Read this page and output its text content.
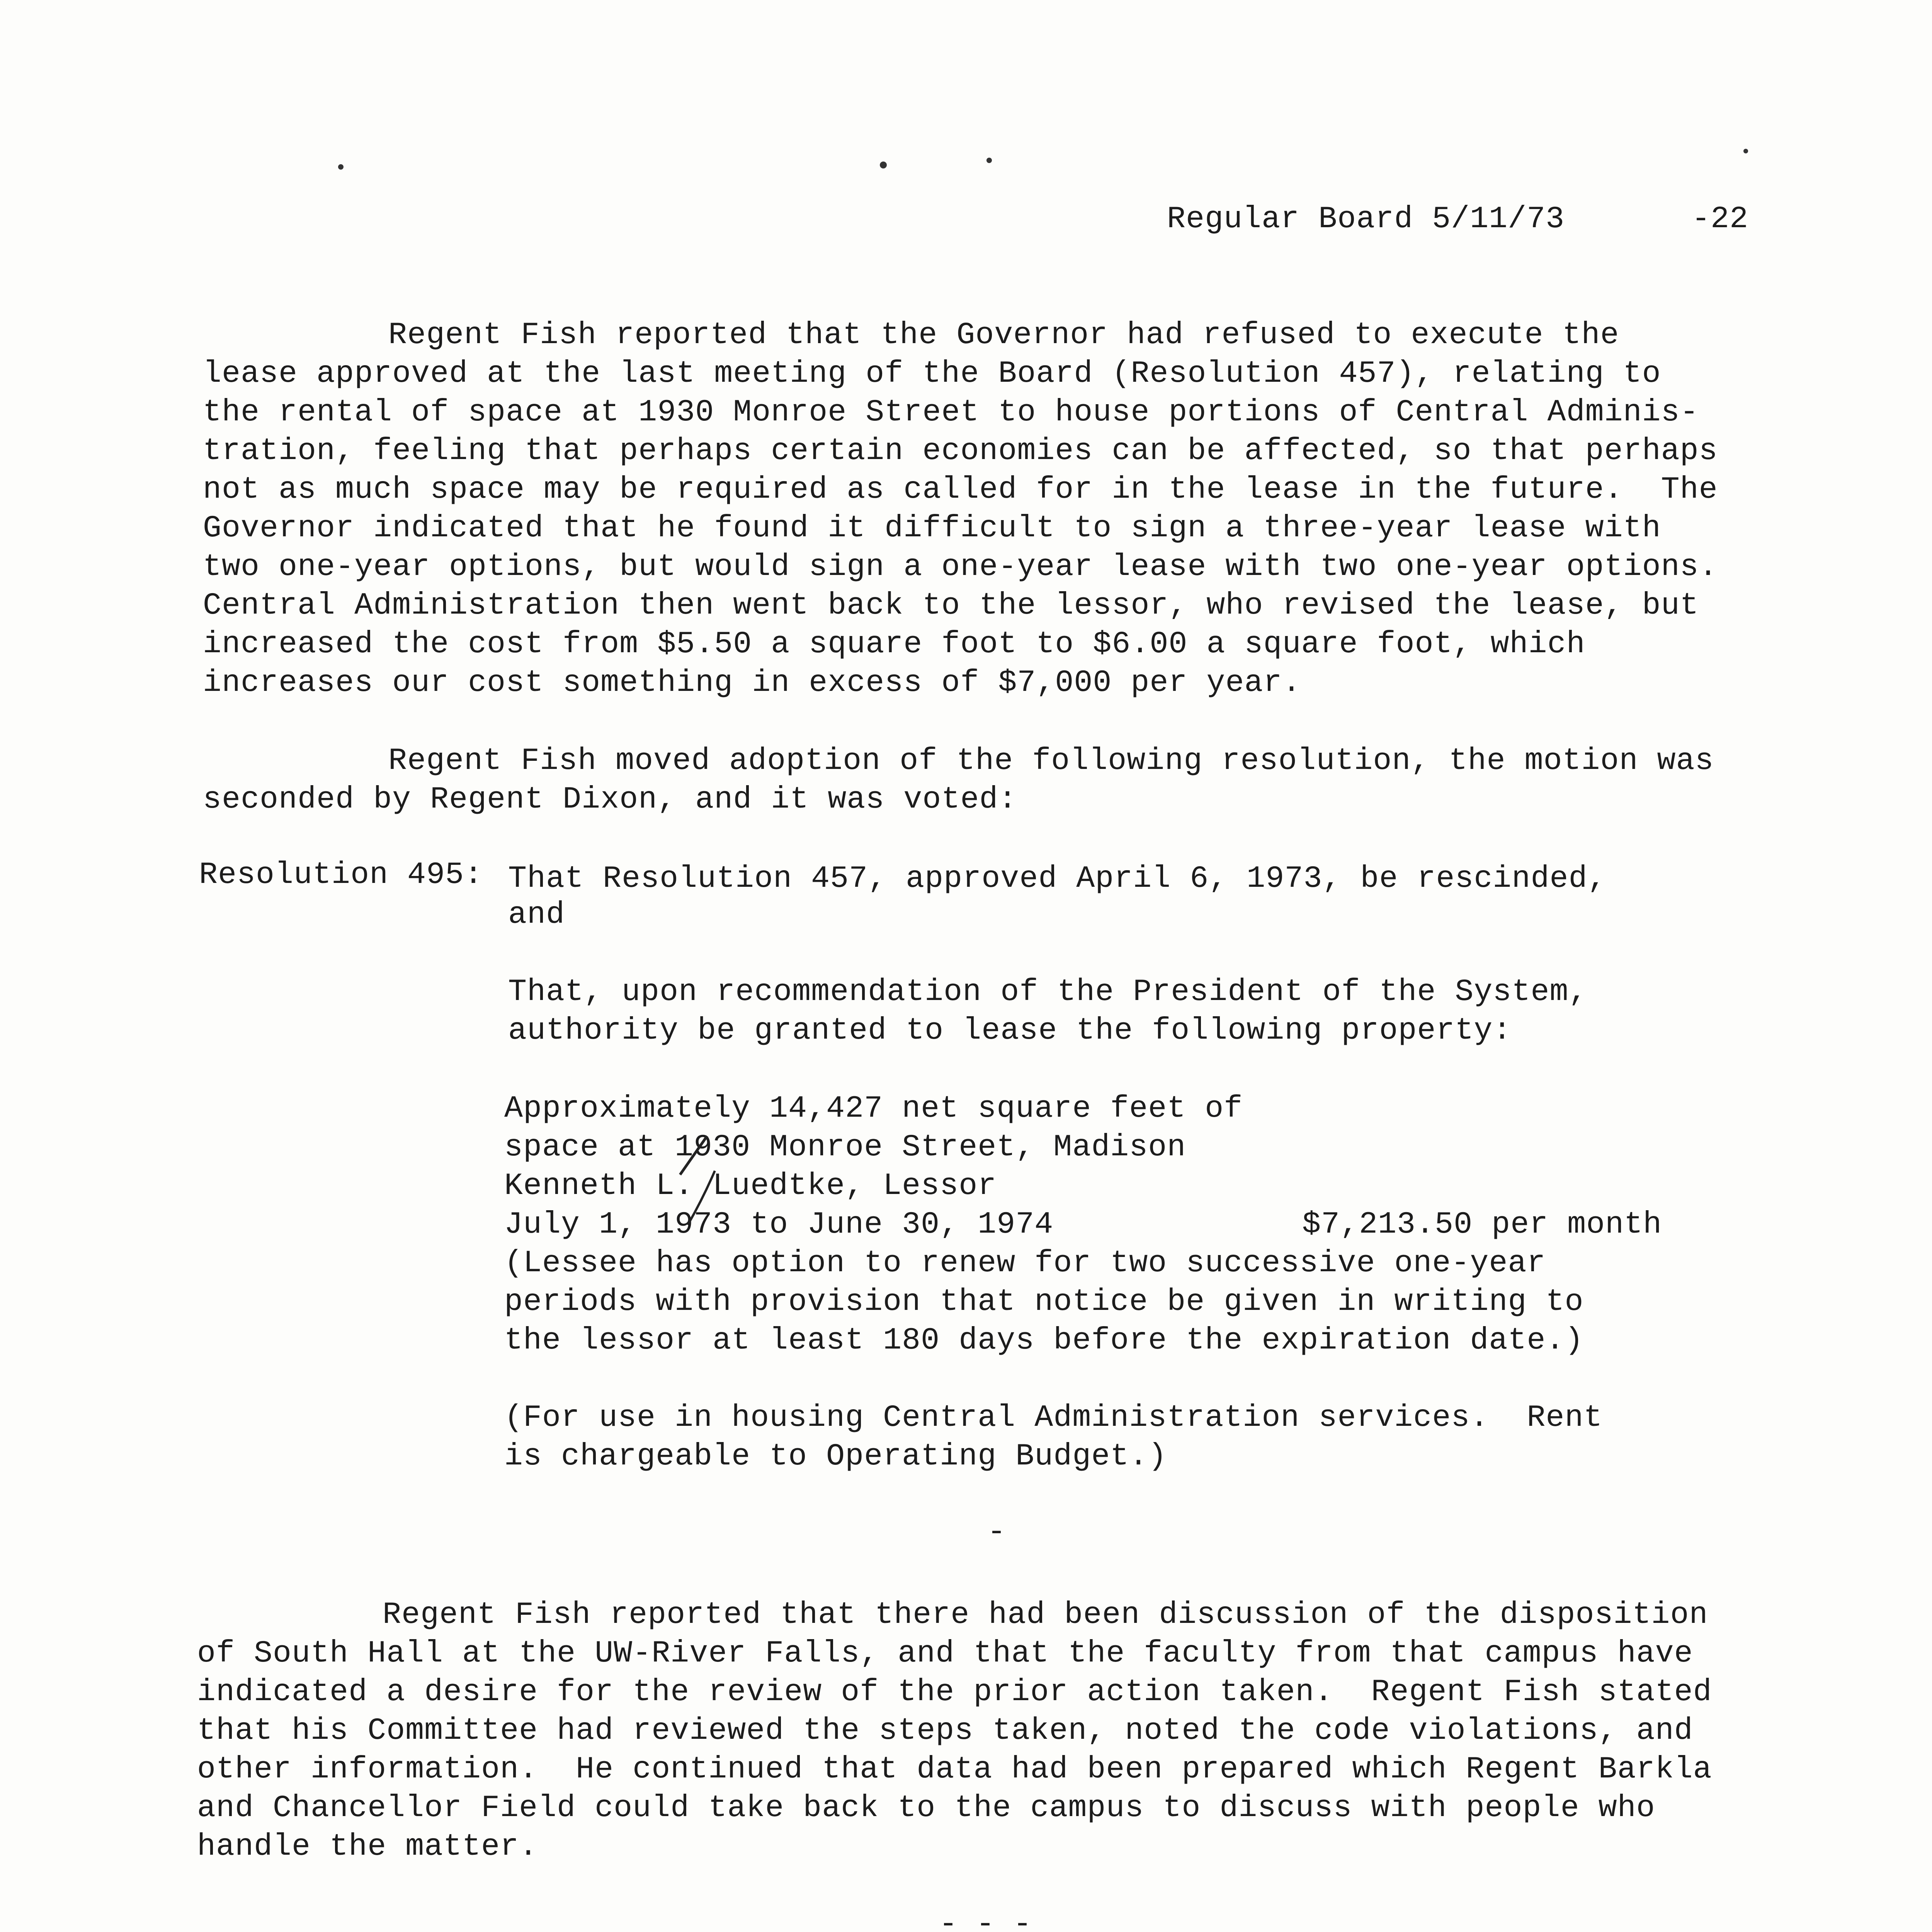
Regular Board 5/11/73	-22
Regent Fish reported that the Governor had refused to execute the
lease approved at the last meeting of the Board (Resolution 457), relating to
the rental of space at 1930 Monroe Street to house portions of Central Adminis-
tration, feeling that perhaps certain economies can be affected, so that perhaps
not as much space may be required as called for in the lease in the future.  The
Governor indicated that he found it difficult to sign a three-year lease with
two one-year options, but would sign a one-year lease with two one-year options.
Central Administration then went back to the lessor, who revised the lease, but
increased the cost from $5.50 a square foot to $6.00 a square foot, which
increases our cost something in excess of $7,000 per year.
Regent Fish moved adoption of the following resolution, the motion was
seconded by Regent Dixon, and it was voted:
Resolution 495: That Resolution 457, approved April 6, 1973, be rescinded,
and
That, upon recommendation of the President of the System,
authority be granted to lease the following property:
Approximately 14,427 net square feet of
space at 1930 Monroe Street, Madison
Kenneth L. Luedtke, Lessor
July 1, 1973 to June 30, 1974	$7,213.50 per month
(Lessee has option to renew for two successive one-year
periods with provision that notice be given in writing to
the lessor at least 180 days before the expiration date.)
(For use in housing Central Administration services.  Rent
is chargeable to Operating Budget.)
-
Regent Fish reported that there had been discussion of the disposition
of South Hall at the UW-River Falls, and that the faculty from that campus have
indicated a desire for the review of the prior action taken.  Regent Fish stated
that his Committee had reviewed the steps taken, noted the code violations, and
other information.  He continued that data had been prepared which Regent Barkla
and Chancellor Field could take back to the campus to discuss with people who
handle the matter.
- - -
